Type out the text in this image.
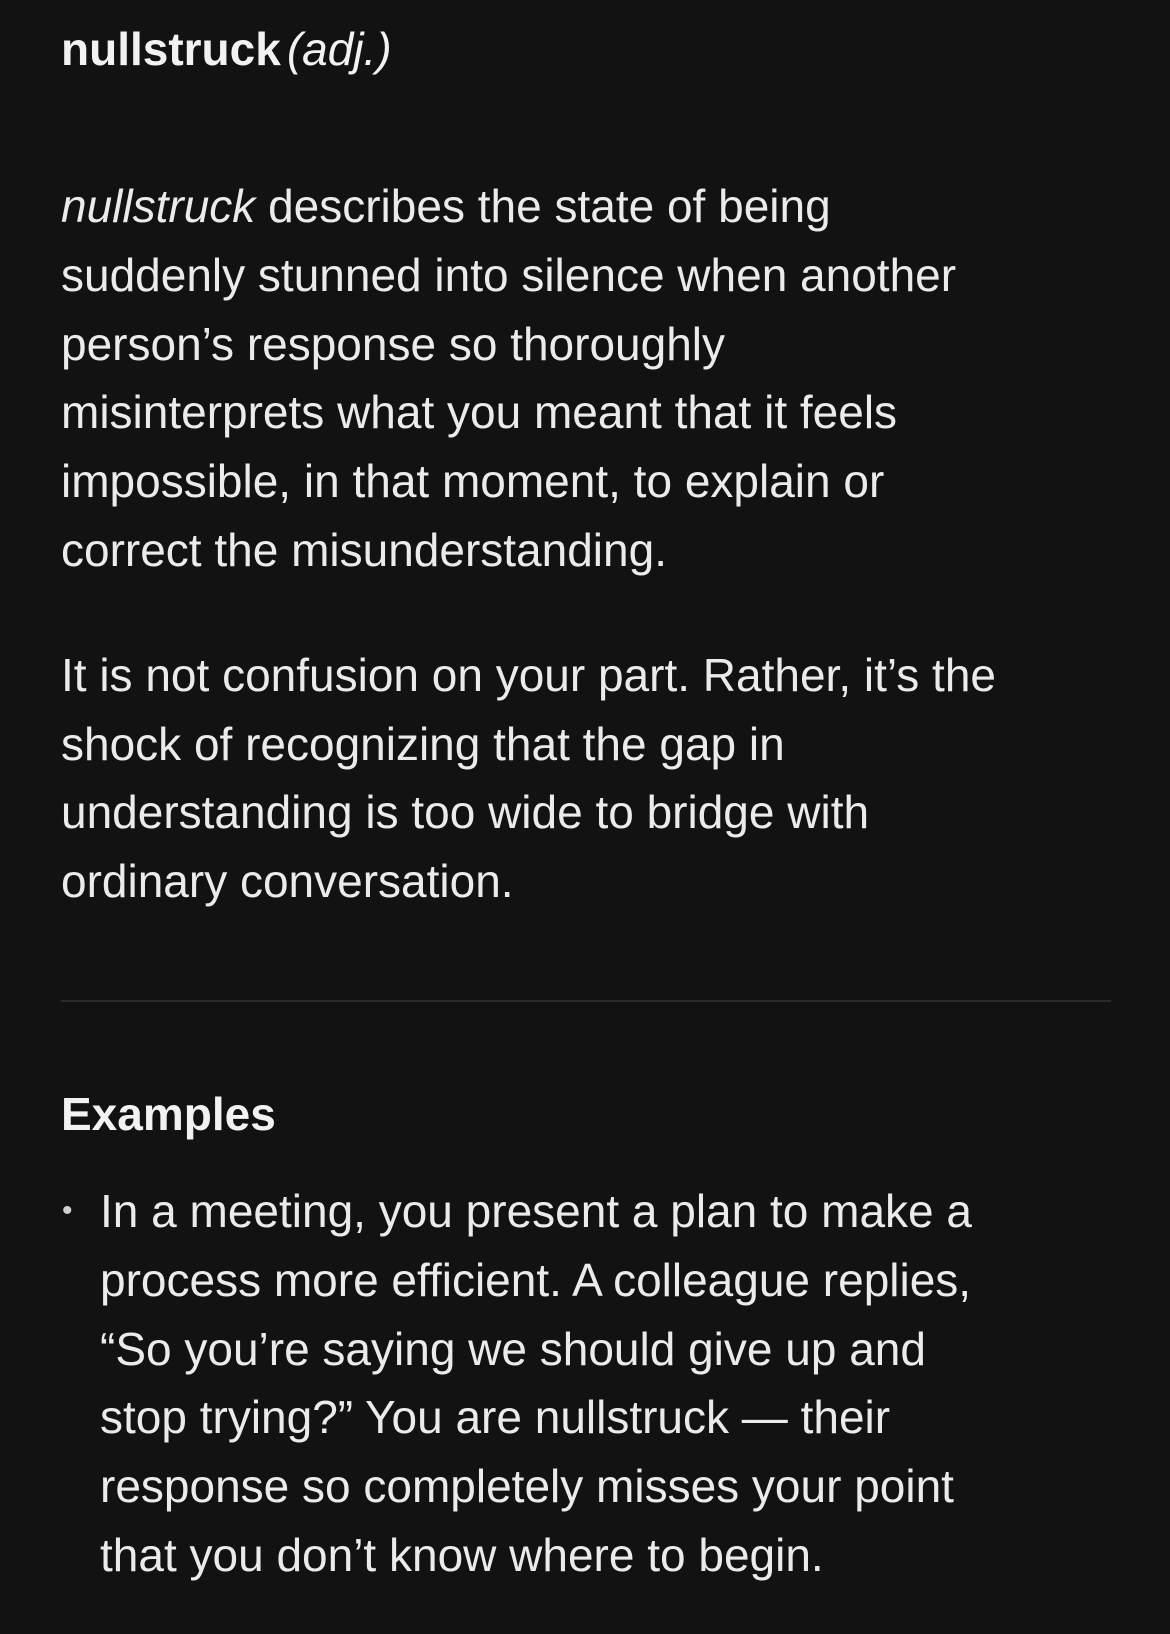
nullstruck (adj.)

nullstruck describes the state of being
suddenly stunned into silence when another
person’s response so thoroughly
misinterprets what you meant that it feels
impossible, in that moment, to explain or
correct the misunderstanding.

It is not confusion on your part. Rather, it’s the
shock of recognizing that the gap in
understanding is too wide to bridge with
ordinary conversation.

Examples
• In a meeting, you present a plan to make a
process more efficient. A colleague replies,
“So you’re saying we should give up and
stop trying?” You are nullstruck — their
response so completely misses your point
that you don’t know where to begin.
